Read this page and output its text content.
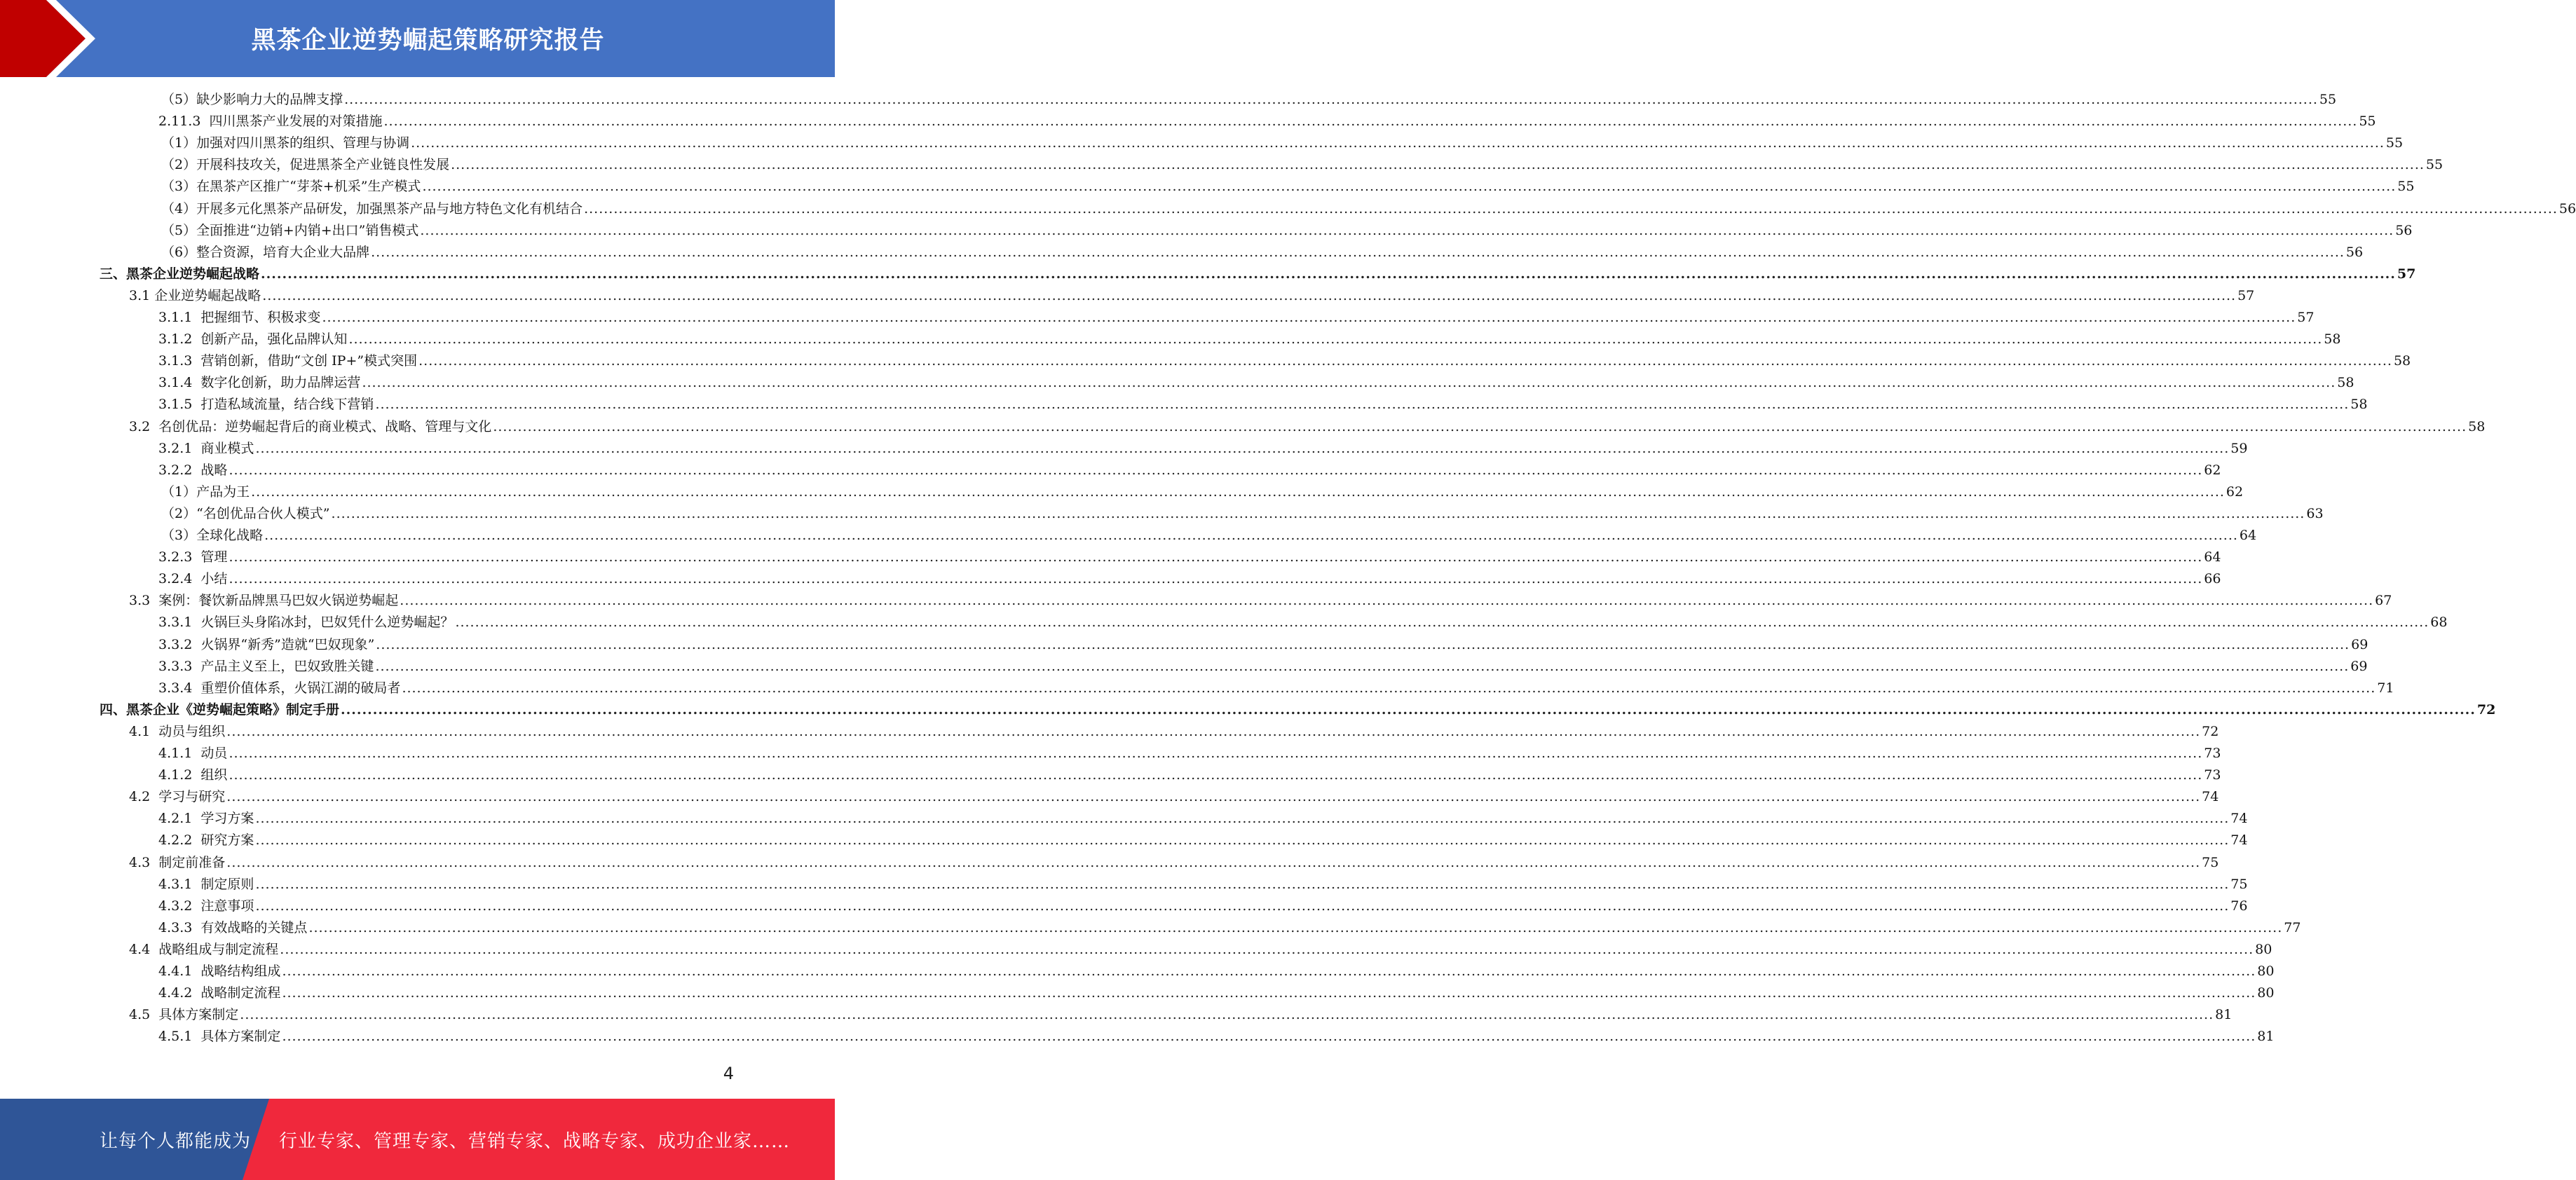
黑茶企业逆势崛起策略研究报告
（5）缺少影响力大的品牌支撑 ................................................................................................................................................................................................................................................................................................................................................................................................................ 55
2.11.3  四川黑茶产业发展的对策措施 ................................................................................................................................................................................................................................................................................................................................................................................................................ 55
（1）加强对四川黑茶的组织、管理与协调 ................................................................................................................................................................................................................................................................................................................................................................................................................ 55
（2）开展科技攻关，促进黑茶全产业链良性发展 ................................................................................................................................................................................................................................................................................................................................................................................................................ 55
（3）在黑茶产区推广“芽茶+机采”生产模式 ................................................................................................................................................................................................................................................................................................................................................................................................................ 55
（4）开展多元化黑茶产品研发，加强黑茶产品与地方特色文化有机结合 ................................................................................................................................................................................................................................................................................................................................................................................................................ 56
（5）全面推进“边销+内销+出口”销售模式 ................................................................................................................................................................................................................................................................................................................................................................................................................ 56
（6）整合资源，培育大企业大品牌 ................................................................................................................................................................................................................................................................................................................................................................................................................ 56
三、黑茶企业逆势崛起战略 ................................................................................................................................................................................................................................................................................................................................................................................................................ 57
3.1 企业逆势崛起战略 ................................................................................................................................................................................................................................................................................................................................................................................................................ 57
3.1.1  把握细节、积极求变 ................................................................................................................................................................................................................................................................................................................................................................................................................ 57
3.1.2  创新产品，强化品牌认知 ................................................................................................................................................................................................................................................................................................................................................................................................................ 58
3.1.3  营销创新，借助“文创 IP+”模式突围 ................................................................................................................................................................................................................................................................................................................................................................................................................ 58
3.1.4  数字化创新，助力品牌运营 ................................................................................................................................................................................................................................................................................................................................................................................................................ 58
3.1.5  打造私域流量，结合线下营销 ................................................................................................................................................................................................................................................................................................................................................................................................................ 58
3.2  名创优品：逆势崛起背后的商业模式、战略、管理与文化 ................................................................................................................................................................................................................................................................................................................................................................................................................ 58
3.2.1  商业模式 ................................................................................................................................................................................................................................................................................................................................................................................................................ 59
3.2.2  战略 ................................................................................................................................................................................................................................................................................................................................................................................................................ 62
（1）产品为王 ................................................................................................................................................................................................................................................................................................................................................................................................................ 62
（2）“名创优品合伙人模式” ................................................................................................................................................................................................................................................................................................................................................................................................................ 63
（3）全球化战略 ................................................................................................................................................................................................................................................................................................................................................................................................................ 64
3.2.3  管理 ................................................................................................................................................................................................................................................................................................................................................................................................................ 64
3.2.4  小结 ................................................................................................................................................................................................................................................................................................................................................................................................................ 66
3.3  案例：餐饮新品牌黑马巴奴火锅逆势崛起 ................................................................................................................................................................................................................................................................................................................................................................................................................ 67
3.3.1  火锅巨头身陷冰封，巴奴凭什么逆势崛起？ ................................................................................................................................................................................................................................................................................................................................................................................................................ 68
3.3.2  火锅界“新秀”造就“巴奴现象” ................................................................................................................................................................................................................................................................................................................................................................................................................ 69
3.3.3  产品主义至上，巴奴致胜关键 ................................................................................................................................................................................................................................................................................................................................................................................................................ 69
3.3.4  重塑价值体系，火锅江湖的破局者 ................................................................................................................................................................................................................................................................................................................................................................................................................ 71
四、黑茶企业《逆势崛起策略》制定手册 ................................................................................................................................................................................................................................................................................................................................................................................................................ 72
4.1  动员与组织 ................................................................................................................................................................................................................................................................................................................................................................................................................ 72
4.1.1  动员 ................................................................................................................................................................................................................................................................................................................................................................................................................ 73
4.1.2  组织 ................................................................................................................................................................................................................................................................................................................................................................................................................ 73
4.2  学习与研究 ................................................................................................................................................................................................................................................................................................................................................................................................................ 74
4.2.1  学习方案 ................................................................................................................................................................................................................................................................................................................................................................................................................ 74
4.2.2  研究方案 ................................................................................................................................................................................................................................................................................................................................................................................................................ 74
4.3  制定前准备 ................................................................................................................................................................................................................................................................................................................................................................................................................ 75
4.3.1  制定原则 ................................................................................................................................................................................................................................................................................................................................................................................................................ 75
4.3.2  注意事项 ................................................................................................................................................................................................................................................................................................................................................................................................................ 76
4.3.3  有效战略的关键点 ................................................................................................................................................................................................................................................................................................................................................................................................................ 77
4.4  战略组成与制定流程 ................................................................................................................................................................................................................................................................................................................................................................................................................ 80
4.4.1  战略结构组成 ................................................................................................................................................................................................................................................................................................................................................................................................................ 80
4.4.2  战略制定流程 ................................................................................................................................................................................................................................................................................................................................................................................................................ 80
4.5  具体方案制定 ................................................................................................................................................................................................................................................................................................................................................................................................................ 81
4.5.1  具体方案制定 ................................................................................................................................................................................................................................................................................................................................................................................................................ 81
4
让每个人都能成为 行业专家、管理专家、营销专家、战略专家、成功企业家……
